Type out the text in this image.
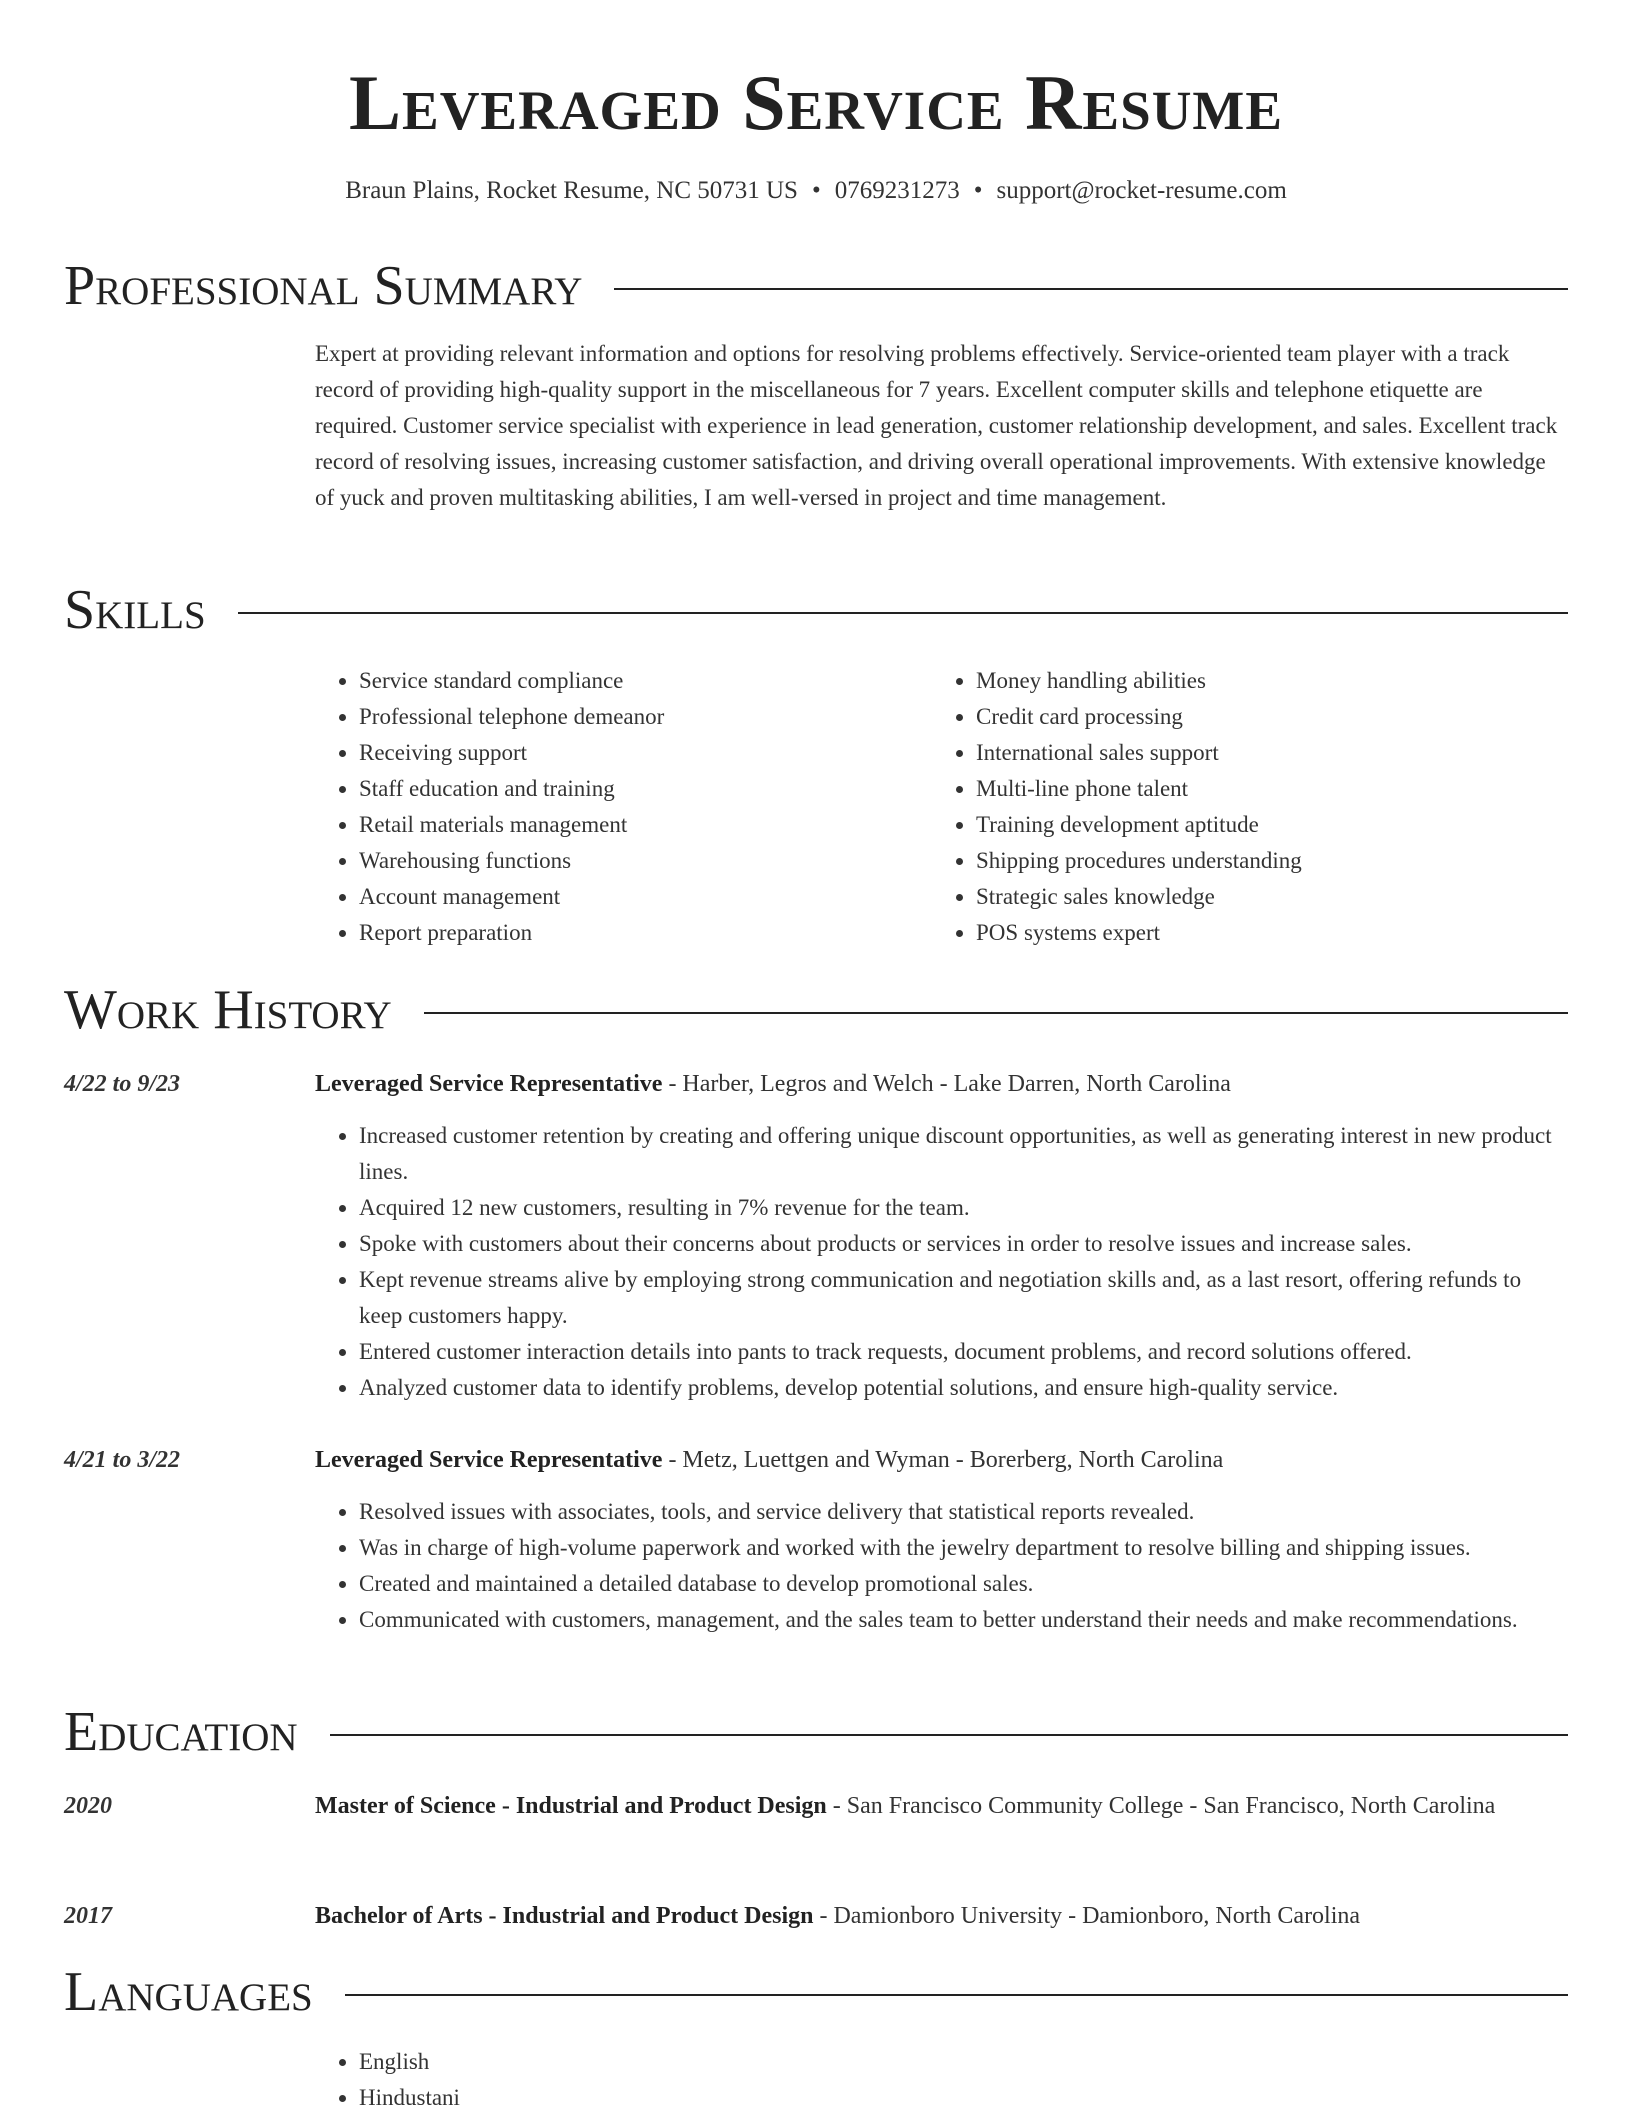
Leveraged Service Resume
Braun Plains, Rocket Resume, NC 50731 US • 0769231273 • support@rocket-resume.com
Professional Summary

Expert at providing relevant information and options for resolving problems effectively. Service-oriented team player with a track record of providing high-quality support in the miscellaneous for 7 years. Excellent computer skills and telephone etiquette are required. Customer service specialist with experience in lead generation, customer relationship development, and sales. Excellent track record of resolving issues, increasing customer satisfaction, and driving overall operational improvements. With extensive knowledge of yuck and proven multitasking abilities, I am well-versed in project and time management.

Skills
• Service standard compliance
• Professional telephone demeanor
• Receiving support
• Staff education and training
• Retail materials management
• Warehousing functions
• Account management
• Report preparation
• Money handling abilities
• Credit card processing
• International sales support
• Multi-line phone talent
• Training development aptitude
• Shipping procedures understanding
• Strategic sales knowledge
• POS systems expert
Work History
4/22 to 9/23	Leveraged Service Representative - Harber, Legros and Welch - Lake Darren, North Carolina
• Increased customer retention by creating and offering unique discount opportunities, as well as generating interest in new product lines.
• Acquired 12 new customers, resulting in 7% revenue for the team.
• Spoke with customers about their concerns about products or services in order to resolve issues and increase sales.
• Kept revenue streams alive by employing strong communication and negotiation skills and, as a last resort, offering refunds to keep customers happy.
• Entered customer interaction details into pants to track requests, document problems, and record solutions offered.
• Analyzed customer data to identify problems, develop potential solutions, and ensure high-quality service.
4/21 to 3/22	Leveraged Service Representative - Metz, Luettgen and Wyman - Borerberg, North Carolina
• Resolved issues with associates, tools, and service delivery that statistical reports revealed.
• Was in charge of high-volume paperwork and worked with the jewelry department to resolve billing and shipping issues.
• Created and maintained a detailed database to develop promotional sales.
• Communicated with customers, management, and the sales team to better understand their needs and make recommendations.
Education
2020	Master of Science - Industrial and Product Design - San Francisco Community College - San Francisco, North Carolina
2017	Bachelor of Arts - Industrial and Product Design - Damionboro University - Damionboro, North Carolina
Languages
• English
• Hindustani
